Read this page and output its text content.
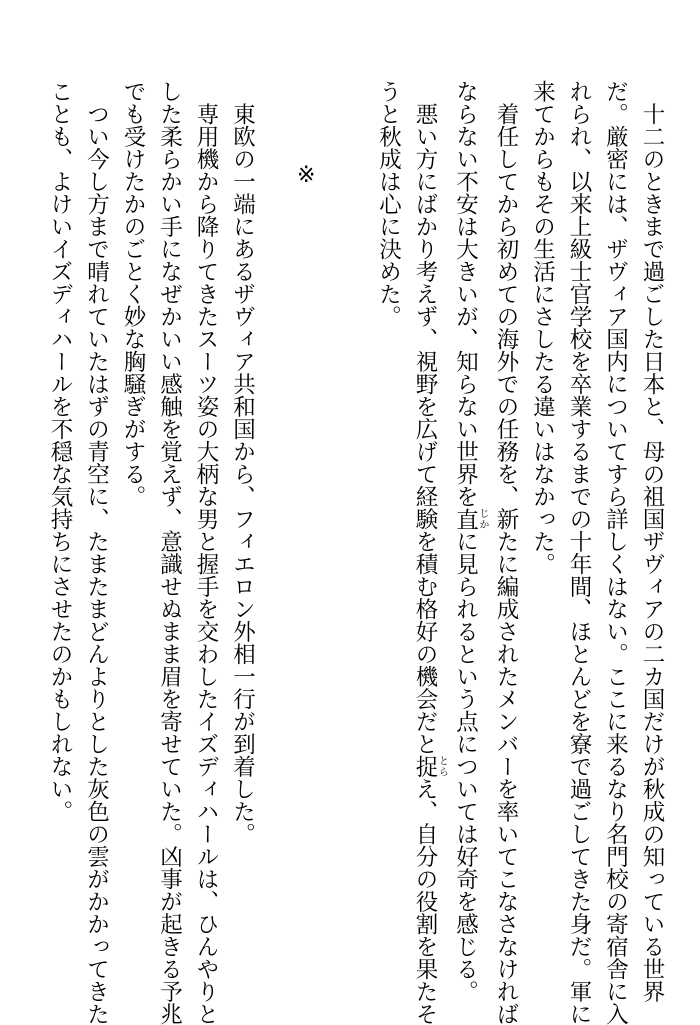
　十二のときまで過ごした日本と、母の祖国ザヴィアの二カ国だけが秋成の知っている世界
だ。厳密には、ザヴィア国内についてすら詳しくはない。ここに来るなり名門校の寄宿舎に入
れられ、以来上級士官学校を卒業するまでの十年間、ほとんどを寮で過ごしてきた身だ。軍に
来てからもその生活にさしたる違いはなかった。
　着任してから初めての海外での任務を、新たに編成されたメンバーを率いてこなさなければ
ならない不安は大きいが、知らない世界を直じかに見られるという点については好奇を感じる。
　悪い方にばかり考えず、視野を広げて経験を積む格好の機会だと捉とらえ、自分の役割を果たそ
うと秋成は心に決めた。
　東欧の一端にあるザヴィア共和国から、フィエロン外相一行が到着した。
　専用機から降りてきたスーツ姿の大柄な男と握手を交わしたイズディハールは、ひんやりと
した柔らかい手になぜかいい感触を覚えず、意識せぬまま眉を寄せていた。凶事が起きる予兆
でも受けたかのごとく妙な胸騒ぎがする。
　つい今し方まで晴れていたはずの青空に、たまたまどんよりとした灰色の雲がかかってきた
ことも、よけいイズディハールを不穏な気持ちにさせたのかもしれない。	※
